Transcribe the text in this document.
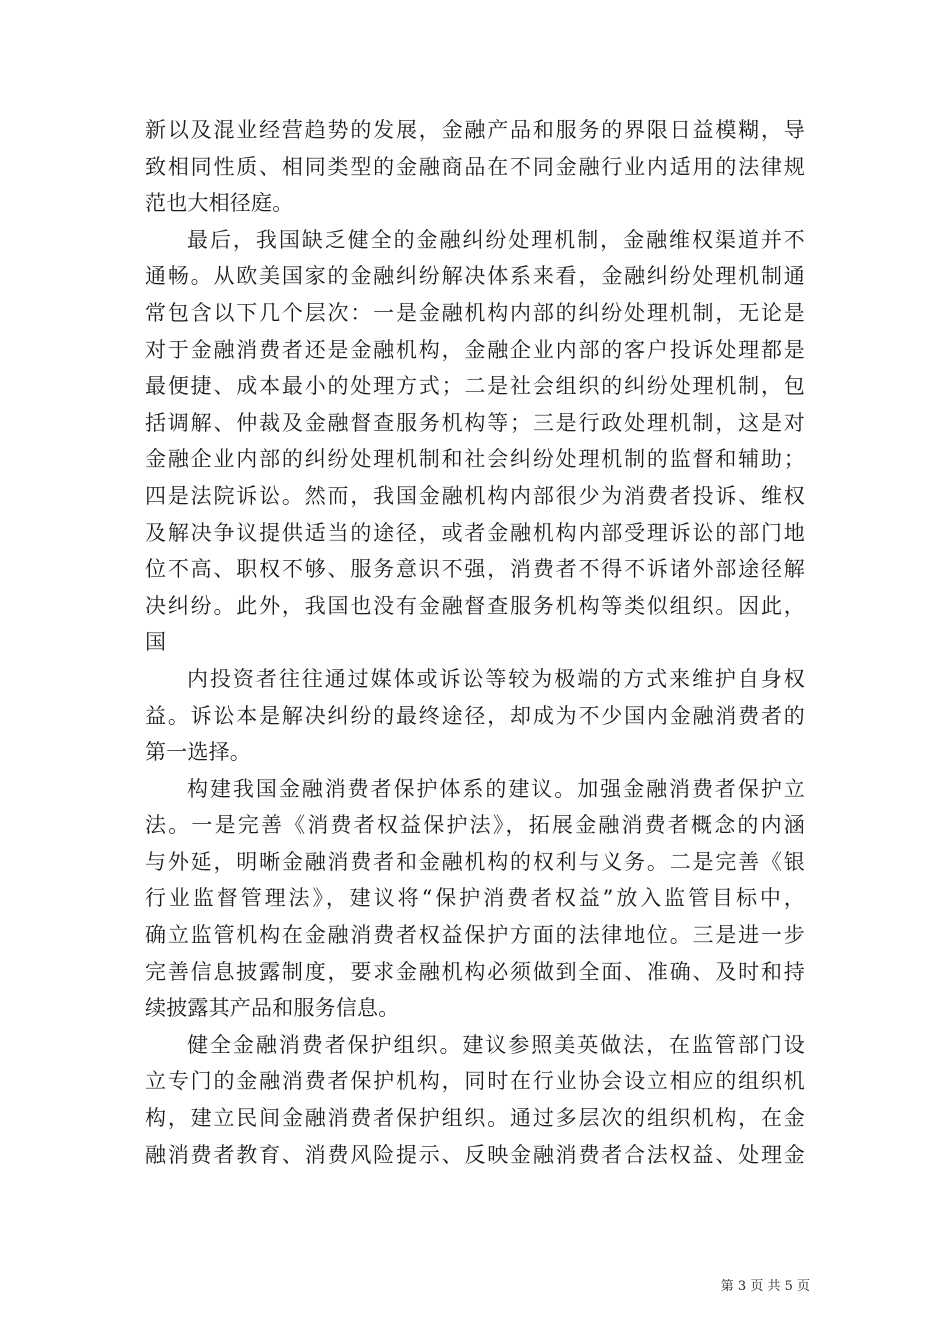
新以及混业经营趋势的发展，金融产品和服务的界限日益模糊，导
致相同性质、相同类型的金融商品在不同金融行业内适用的法律规
范也大相径庭。
最后，我国缺乏健全的金融纠纷处理机制，金融维权渠道并不
通畅。从欧美国家的金融纠纷解决体系来看，金融纠纷处理机制通
常包含以下几个层次：一是金融机构内部的纠纷处理机制，无论是
对于金融消费者还是金融机构，金融企业内部的客户投诉处理都是
最便捷、成本最小的处理方式；二是社会组织的纠纷处理机制，包
括调解、仲裁及金融督查服务机构等；三是行政处理机制，这是对
金融企业内部的纠纷处理机制和社会纠纷处理机制的监督和辅助；
四是法院诉讼。然而，我国金融机构内部很少为消费者投诉、维权
及解决争议提供适当的途径，或者金融机构内部受理诉讼的部门地
位不高、职权不够、服务意识不强，消费者不得不诉诸外部途径解
决纠纷。此外，我国也没有金融督查服务机构等类似组织。因此，
国
内投资者往往通过媒体或诉讼等较为极端的方式来维护自身权
益。诉讼本是解决纠纷的最终途径，却成为不少国内金融消费者的
第一选择。
构建我国金融消费者保护体系的建议。加强金融消费者保护立
法。一是完善《消费者权益保护法》，拓展金融消费者概念的内涵
与外延，明晰金融消费者和金融机构的权利与义务。二是完善《银
行业监督管理法》，建议将“保护消费者权益”放入监管目标中，
确立监管机构在金融消费者权益保护方面的法律地位。三是进一步
完善信息披露制度，要求金融机构必须做到全面、准确、及时和持
续披露其产品和服务信息。
健全金融消费者保护组织。建议参照美英做法，在监管部门设
立专门的金融消费者保护机构，同时在行业协会设立相应的组织机
构，建立民间金融消费者保护组织。通过多层次的组织机构，在金
融消费者教育、消费风险提示、反映金融消费者合法权益、处理金
第 3 页 共 5 页
